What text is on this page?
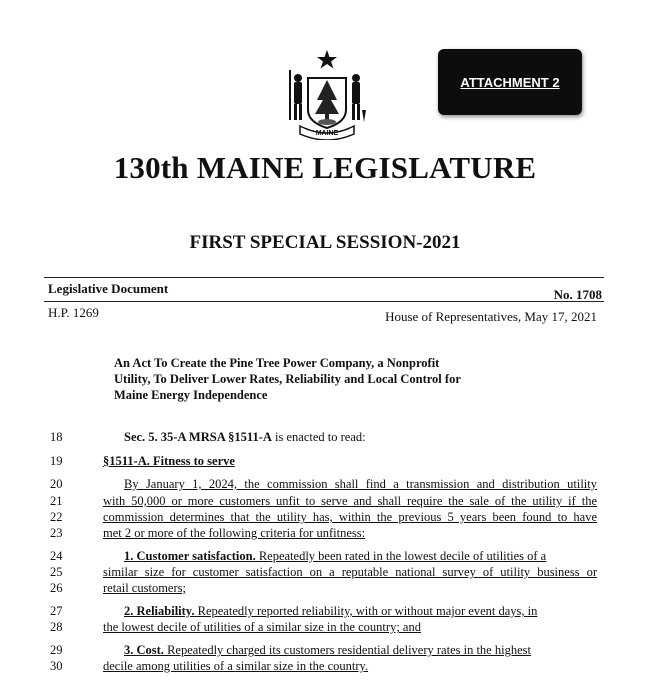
MAINE
ATTACHMENT 2
130th MAINE LEGISLATURE
FIRST SPECIAL SESSION-2021
Legislative Document	No. 1708
H.P. 1269	House of Representatives, May 17, 2021
An Act To Create the Pine Tree Power Company, a Nonprofit
Utility, To Deliver Lower Rates, Reliability and Local Control for
Maine Energy Independence
18	Sec. 5. 35-A MRSA §1511-A is enacted to read:
19	§1511-A. Fitness to serve
20	By January 1, 2024, the commission shall find a transmission and distribution utility
21	with 50,000 or more customers unfit to serve and shall require the sale of the utility if the
22	commission determines that the utility has, within the previous 5 years been found to have
23	met 2 or more of the following criteria for unfitness:
24	1. Customer satisfaction. Repeatedly been rated in the lowest decile of utilities of a
25	similar size for customer satisfaction on a reputable national survey of utility business or
26	retail customers;
27	2. Reliability. Repeatedly reported reliability, with or without major event days, in
28	the lowest decile of utilities of a similar size in the country; and
29	3. Cost. Repeatedly charged its customers residential delivery rates in the highest
30	decile among utilities of a similar size in the country.
